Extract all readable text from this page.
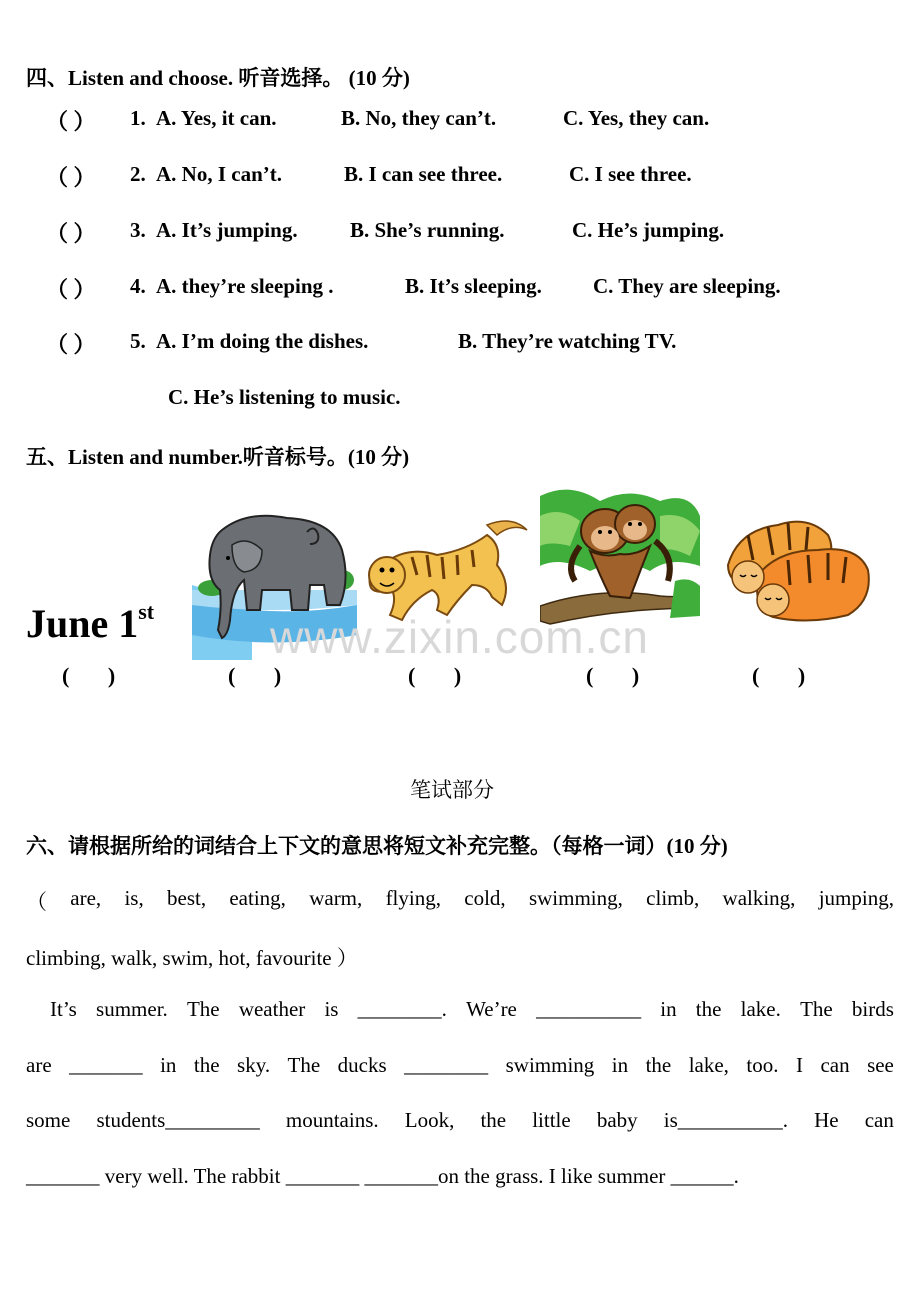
四、Listen and choose. 听音选择。 (10 分)
（ ） 1. A. Yes, it can.	B. No, they can’t.	C. Yes, they can.
（ ） 2. A. No, I can’t.	B. I can see three.	C. I see three.
（ ） 3. A. It’s jumping. B. She’s running.	C. He’s jumping.
（ ） 4. A. they’re sleeping .	B. It’s sleeping. C. They are sleeping.
（ ） 5. A. I’m doing the dishes.	B. They’re watching TV.
C. He’s listening to music.
五、Listen and number.听音标号。(10 分)
June 1st	www.zixin.com.cn
(       )	(       )	(       )	(       )	(       )
笔试部分
六、请根据所给的词结合上下文的意思将短文补充完整。（每格一词）(10 分)
（ are, is, best, eating, warm, flying, cold, swimming, climb, walking, jumping,
climbing, walk, swim, hot, favourite ）
It’s summer. The weather is ________. We’re __________ in the lake. The birds
are _______ in the sky. The ducks ________ swimming in the lake, too. I can see
some students_________ mountains. Look, the little baby is__________. He can
_______ very well. The rabbit _______ _______on the grass. I like summer ______.
